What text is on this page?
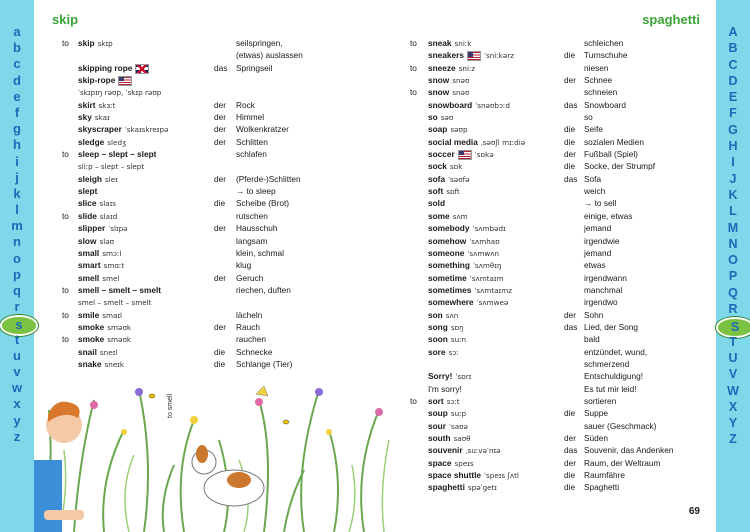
a
b
c
d
e
f
g
h
i
j
k
l
m
n
o
p
q
r
s
t
u
v
w
x
y
z
A
B
C
D
E
F
G
H
I
J
K
L
M
N
O
P
Q
R
S
T
U
V
W
X
Y
Z
skip	spaghetti
to skip skɪp	seilspringen,
(etwas) auslassen
skipping rope	das Springseil
skip-rope
ˈskɪpɪŋ rəʊp, ˈskɪp rəʊp
skirt skɜːt	der Rock
sky skaɪ	der Himmel
skyscraper ˈskaɪskreɪpə	der Wolkenkratzer
sledge sledʒ	der Schlitten
to sleep – slept – slept	schlafen
sliːp – slept – slept
sleigh sleɪ	der (Pferde-)Schlitten
slept	→ to sleep
slice slaɪs	die Scheibe (Brot)
to slide slaɪd	rutschen
slipper ˈslɪpə	der Hausschuh
slow sləʊ	langsam
small smɔːl	klein, schmal
smart smɑːt	klug
smell smel	der Geruch
to smell – smelt – smelt	riechen, duften
smel – smelt – smelt
to smile smaɪl	lächeln
smoke sməʊk	der Rauch
to smoke sməʊk	rauchen
snail sneɪl	die Schnecke
snake sneɪk	die Schlange (Tier)
to sneak sniːk	schleichen
sneakers	ˈsniːkərz	die Turnschuhe
to sneeze sniːz	niesen
snow snəʊ	der Schnee
to snow snəʊ	schneien
snowboard ˈsnəʊbɔːd	das Snowboard
so səʊ	so
soap səʊp	die Seife
social media ˌsəʊʃl mɪːdiə	die sozialen Medien
soccer	ˈsɒkə	der Fußball (Spiel)
sock sɒk	die Socke, der Strumpf
sofa ˈsəʊfə	das Sofa
soft sɒft	weich
sold	→ to sell
some sʌm	einige, etwas
somebody ˈsʌmbədɪ	jemand
somehow ˈsʌmhaʊ	irgendwie
someone ˈsʌmwʌn	jemand
something ˈsʌmθɪŋ	etwas
sometime ˈsʌmtaɪm	irgendwann
sometimes ˈsʌmtaɪmz	manchmal
somewhere ˈsʌmweə	irgendwo
son sʌn	der Sohn
song sɒŋ	das Lied, der Song
soon suːn	bald
sore sɔː	entzündet, wund,
schmerzend
Sorry! ˈsɒrɪ	Entschuldigung!
I'm sorry!	Es tut mir leid!
to sort sɔːt	sortieren
soup suːp	die Suppe
sour ˈsaʊə	sauer (Geschmack)
south saʊθ	der Süden
souvenir ˌsuːvəˈnɪə	das Souvenir, das Andenken
space speɪs	der Raum, der Weltraum
space shuttle ˈspeɪs ʃʌtl	die Raumfähre
spaghetti spəˈgetɪ	die Spaghetti
to smell
69
